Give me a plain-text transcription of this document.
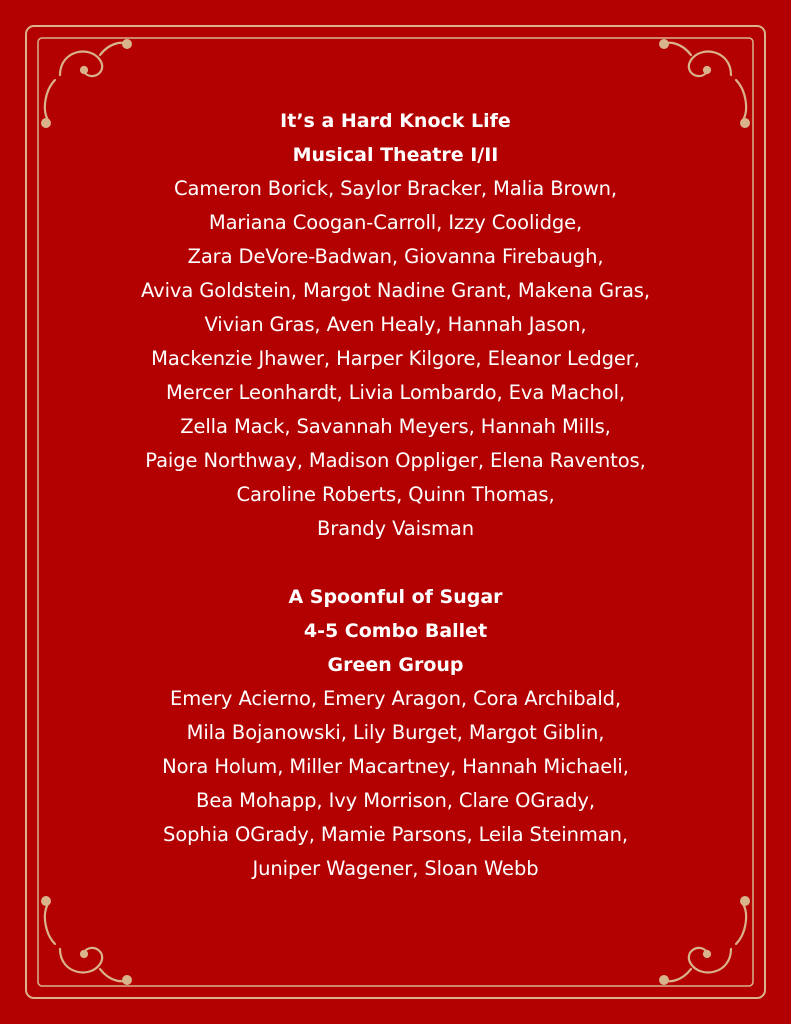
It’s a Hard Knock Life

Musical Theatre I/II

Cameron Borick, Saylor Bracker, Malia Brown,

Mariana Coogan-Carroll, Izzy Coolidge,

Zara DeVore-Badwan, Giovanna Firebaugh,

Aviva Goldstein, Margot Nadine Grant, Makena Gras,

Vivian Gras, Aven Healy, Hannah Jason,

Mackenzie Jhawer, Harper Kilgore, Eleanor Ledger,

Mercer Leonhardt, Livia Lombardo, Eva Machol,

Zella Mack, Savannah Meyers, Hannah Mills,

Paige Northway, Madison Oppliger, Elena Raventos,

Caroline Roberts, Quinn Thomas,

Brandy Vaisman

A Spoonful of Sugar

4-5 Combo Ballet

Green Group

Emery Acierno, Emery Aragon, Cora Archibald,

Mila Bojanowski, Lily Burget, Margot Giblin,

Nora Holum, Miller Macartney, Hannah Michaeli,

Bea Mohapp, Ivy Morrison, Clare OGrady,

Sophia OGrady, Mamie Parsons, Leila Steinman,

Juniper Wagener, Sloan Webb
